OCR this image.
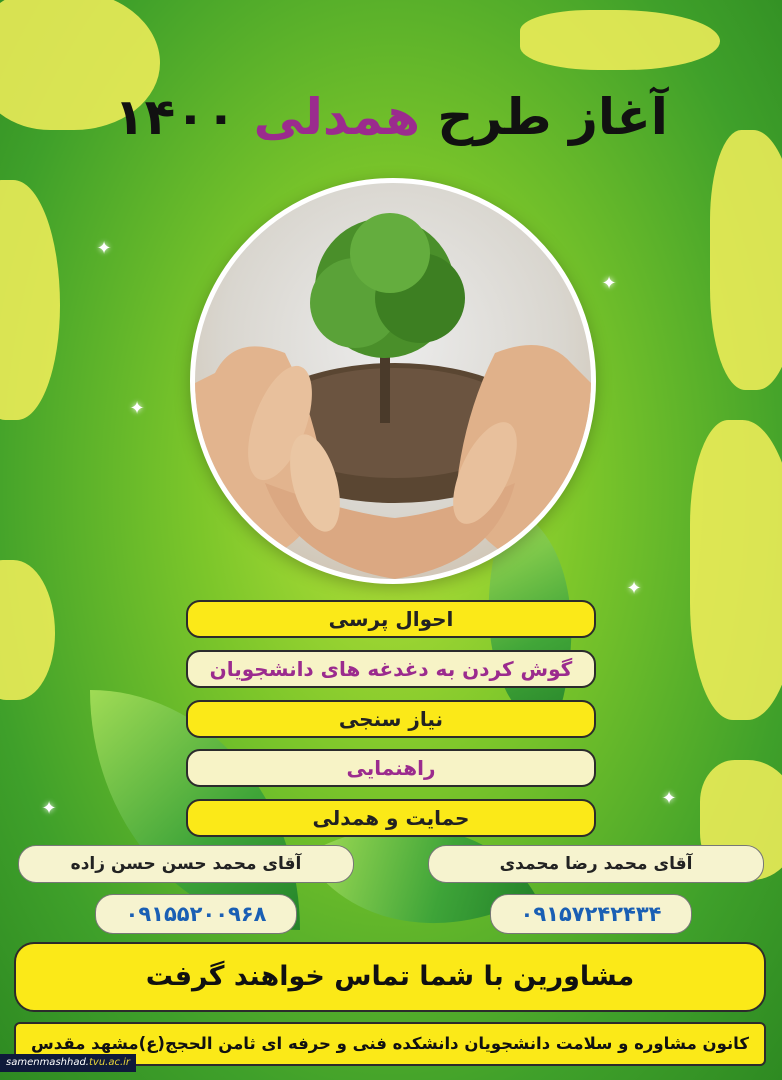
✦
✦
✦
✦
✦
✦
آغاز طرح همدلی ۱۴۰۰
احوال پرسی
گوش کردن به دغدغه های دانشجویان
نیاز سنجی
راهنمایی
حمایت و همدلی
آقای محمد حسن حسن زاده	آقای محمد رضا محمدی
۰۹۱۵۵۲۰۰۹۶۸	۰۹۱۵۷۲۴۲۴۳۴
مشاورین با شما تماس خواهند گرفت
کانون مشاوره و سلامت دانشجویان دانشکده فنی و حرفه ای ثامن الحجج(ع)مشهد مقدس
samenmashhad.tvu.ac.ir
